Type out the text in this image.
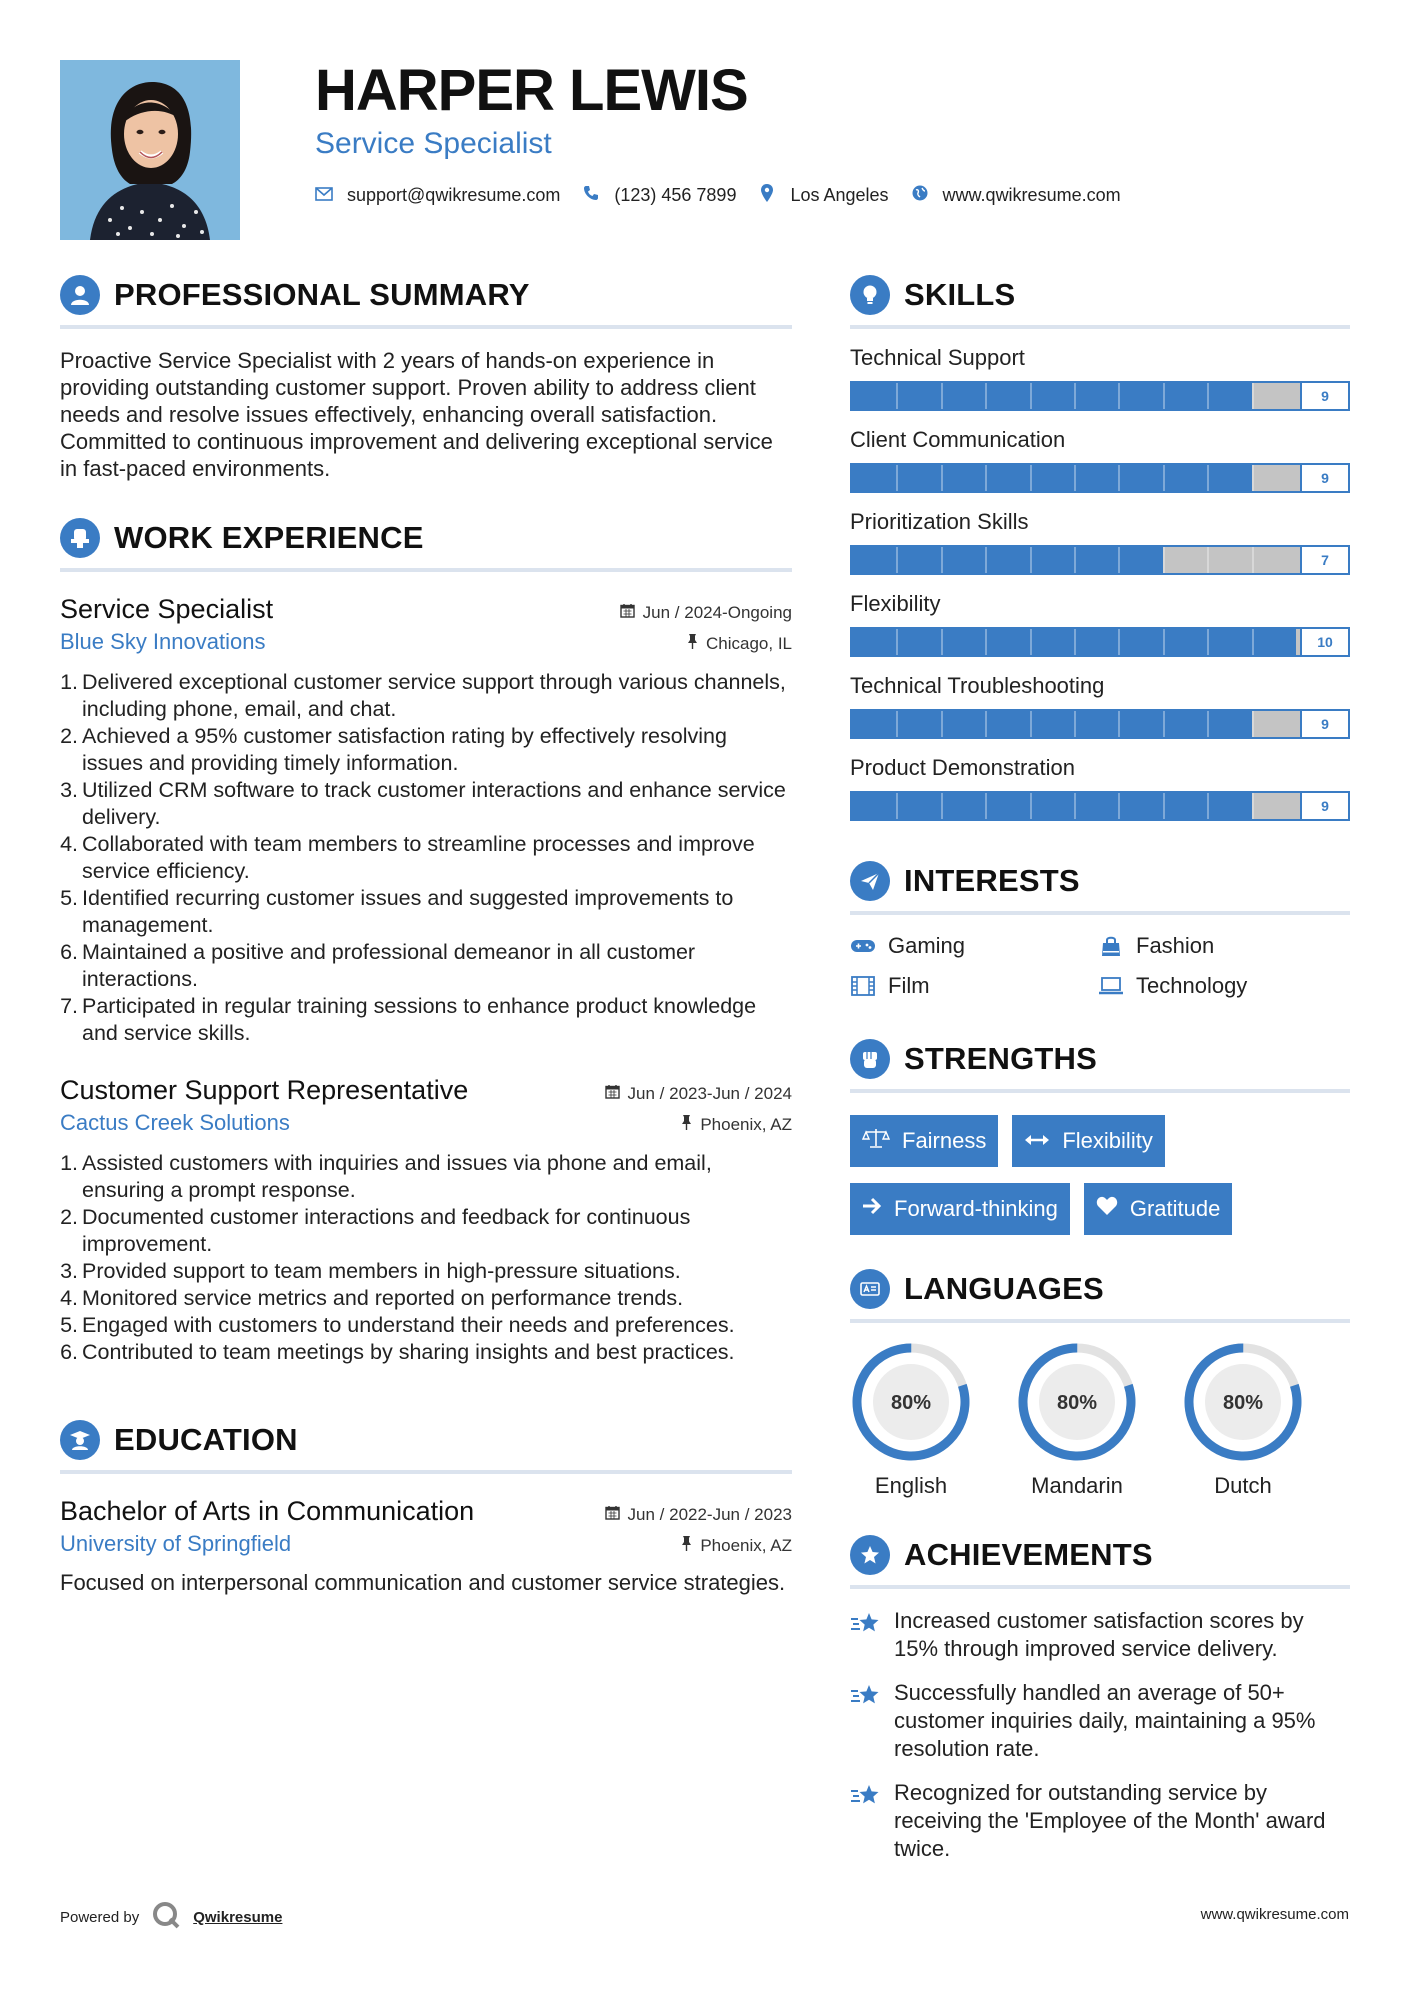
HARPER LEWIS
Service Specialist
support@qwikresume.com	(123) 456 7899	Los Angeles	www.qwikresume.com
PROFESSIONAL SUMMARY

Proactive Service Specialist with 2 years of hands-on experience in providing outstanding customer support. Proven ability to address client needs and resolve issues effectively, enhancing overall satisfaction. Committed to continuous improvement and delivering exceptional service in fast-paced environments.

WORK EXPERIENCE
Service Specialist	Jun / 2024-Ongoing
Blue Sky Innovations	Chicago, IL
1. Delivered exceptional customer service support through various channels, including phone, email, and chat.
2. Achieved a 95% customer satisfaction rating by effectively resolving issues and providing timely information.
3. Utilized CRM software to track customer interactions and enhance service delivery.
4. Collaborated with team members to streamline processes and improve service efficiency.
5. Identified recurring customer issues and suggested improvements to management.
6. Maintained a positive and professional demeanor in all customer interactions.
7. Participated in regular training sessions to enhance product knowledge and service skills.
Customer Support Representative	Jun / 2023-Jun / 2024
Cactus Creek Solutions	Phoenix, AZ
1. Assisted customers with inquiries and issues via phone and email, ensuring a prompt response.
2. Documented customer interactions and feedback for continuous improvement.
3. Provided support to team members in high-pressure situations.
4. Monitored service metrics and reported on performance trends.
5. Engaged with customers to understand their needs and preferences.
6. Contributed to team meetings by sharing insights and best practices.
EDUCATION
Bachelor of Arts in Communication	Jun / 2022-Jun / 2023
University of Springfield	Phoenix, AZ

Focused on interpersonal communication and customer service strategies.

SKILLS
Technical Support
9
Client Communication
9
Prioritization Skills
7
Flexibility
10
Technical Troubleshooting
9
Product Demonstration
9
INTERESTS
Gaming	Fashion
Film	Technology
STRENGTHS
Fairness	Flexibility
Forward-thinking	Gratitude
LANGUAGES
80%
English
80%
Mandarin
80%
Dutch
ACHIEVEMENTS
Increased customer satisfaction scores by 15% through improved service delivery.
Successfully handled an average of 50+ customer inquiries daily, maintaining a 95% resolution rate.
Recognized for outstanding service by receiving the 'Employee of the Month' award twice.
Powered by	Qwikresume	www.qwikresume.com
